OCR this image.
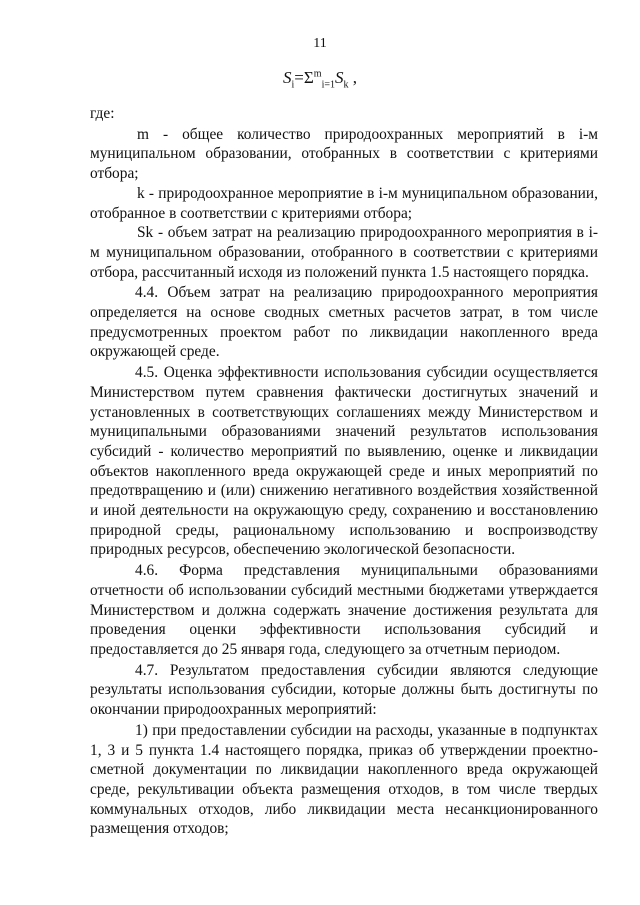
11
$S_i=\Sigma^m_{i=1}S_k$ ,

где:

m - общее количество природоохранных мероприятий в i-м муниципальном образовании, отобранных в соответствии с критериями отбора;

k - природоохранное мероприятие в i-м муниципальном образовании, отобранное в соответствии с критериями отбора;

Sk - объем затрат на реализацию природоохранного мероприятия в i-м муниципальном образовании, отобранного в соответствии с критериями отбора, рассчитанный исходя из положений пункта 1.5 настоящего порядка.

4.4. Объем затрат на реализацию природоохранного мероприятия определяется на основе сводных сметных расчетов затрат, в том числе предусмотренных проектом работ по ликвидации накопленного вреда окружающей среде.

4.5. Оценка эффективности использования субсидии осуществляется Министерством путем сравнения фактически достигнутых значений и установленных в соответствующих соглашениях между Министерством и муниципальными образованиями значений результатов использования субсидий - количество мероприятий по выявлению, оценке и ликвидации объектов накопленного вреда окружающей среде и иных мероприятий по предотвращению и (или) снижению негативного воздействия хозяйственной и иной деятельности на окружающую среду, сохранению и восстановлению природной среды, рациональному использованию и воспроизводству природных ресурсов, обеспечению экологической безопасности.

4.6. Форма представления муниципальными образованиями отчетности об использовании субсидий местными бюджетами утверждается Министерством и должна содержать значение достижения результата для проведения оценки эффективности использования субсидий и предоставляется до 25 января года, следующего за отчетным периодом.

4.7. Результатом предоставления субсидии являются следующие результаты использования субсидии, которые должны быть достигнуты по окончании природоохранных мероприятий:

1) при предоставлении субсидии на расходы, указанные в подпунктах 1, 3 и 5 пункта 1.4 настоящего порядка, приказ об утверждении проектно-сметной документации по ликвидации накопленного вреда окружающей среде, рекультивации объекта размещения отходов, в том числе твердых коммунальных отходов, либо ликвидации места несанкционированного размещения отходов;
